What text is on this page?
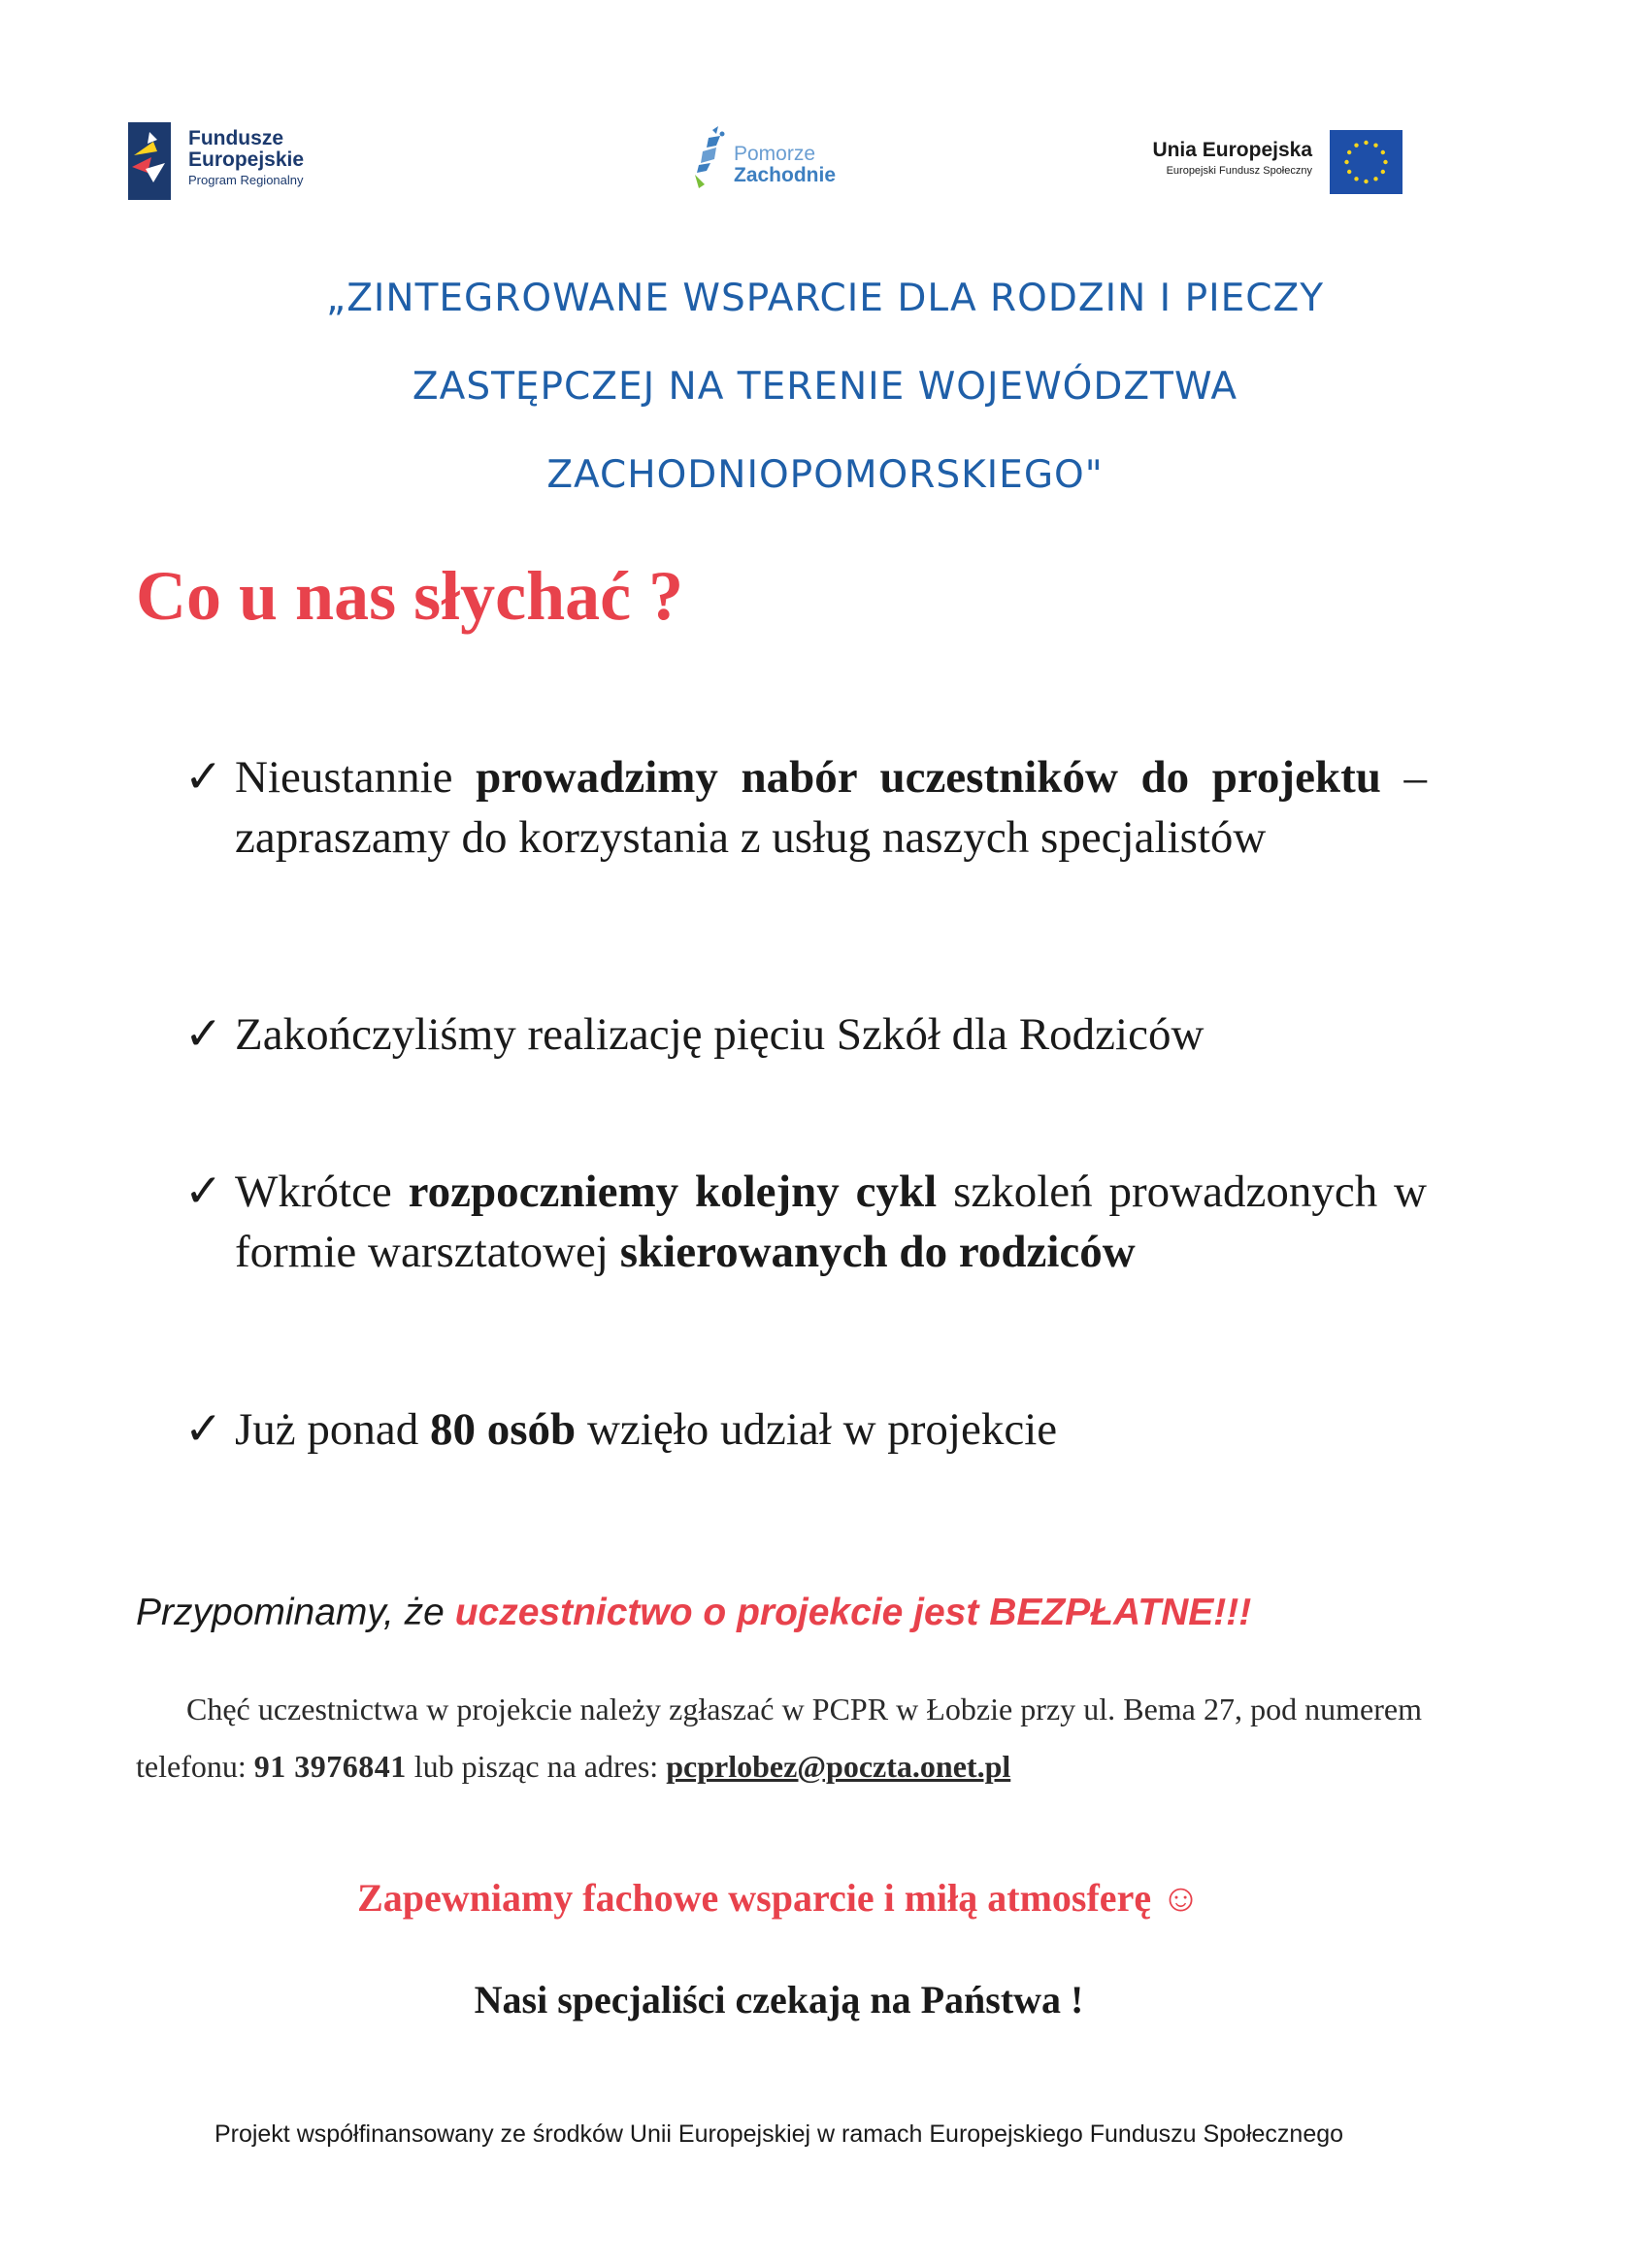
Fundusze
Europejskie
Program Regionalny
Pomorze
Zachodnie
Unia Europejska
Europejski Fundusz Społeczny
„ZINTEGROWANE WSPARCIE DLA RODZIN I PIECZY
ZASTĘPCZEJ NA TERENIE WOJEWÓDZTWA
ZACHODNIOPOMORSKIEGO"
Co u nas słychać ?
✓ Nieustannie prowadzimy nabór uczestników do projektu – zapraszamy do korzystania z usług naszych specjalistów
✓ Zakończyliśmy realizację pięciu Szkół dla Rodziców
✓ Wkrótce rozpoczniemy kolejny cykl szkoleń prowadzonych w formie warsztatowej skierowanych do rodziców
✓ Już ponad 80 osób wzięło udział w projekcie
Przypominamy, że uczestnictwo o projekcie jest BEZPŁATNE!!!
Chęć uczestnictwa w projekcie należy zgłaszać w PCPR w Łobzie przy ul. Bema 27, pod numerem telefonu: 91 3976841 lub pisząc na adres: pcprlobez@poczta.onet.pl
Zapewniamy fachowe wsparcie i miłą atmosferę ☺
Nasi specjaliści czekają na Państwa !
Projekt współfinansowany ze środków Unii Europejskiej w ramach Europejskiego Funduszu Społecznego
